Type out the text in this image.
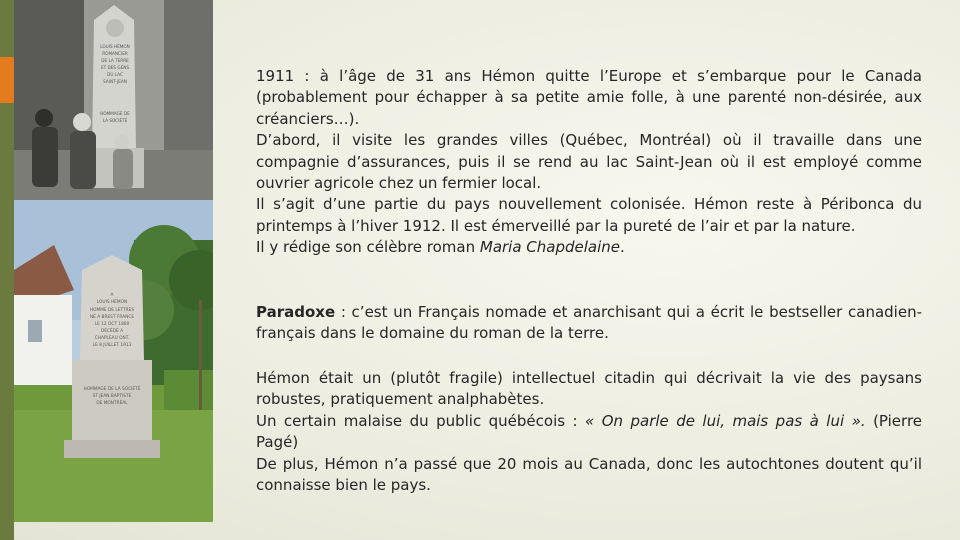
LOUIS HÉMON
ROMANCIER
DE LA TERRE
ET DES GENS
DU LAC
SAINT-JEAN
HOMMAGE DE
LA SOCIÉTÉ
A
LOUIS HÉMON
HOMME DE LETTRES
NÉ A BREST FRANCE
LE 12 OCT 1880
DÉCÉDÉ A
CHAPLEAU ONT.
LE 8 JUILLET 1913
HOMMAGE DE LA SOCIÉTÉ
ST JEAN BAPTISTE
DE MONTRÉAL

1911 : à l’âge de 31 ans Hémon quitte l’Europe et s’embarque pour le Canada (probablement pour échapper à sa petite amie folle, à une parenté non-désirée, aux créanciers…).

D’abord, il visite les grandes villes (Québec, Montréal) où il travaille dans une compagnie d’assurances, puis il se rend au lac Saint-Jean où il est employé comme ouvrier agricole chez un fermier local.

Il s’agit d’une partie du pays nouvellement colonisée. Hémon reste à Péribonca du printemps à l’hiver 1912. Il est émerveillé par la pureté de l’air et par la nature.

Il y rédige son célèbre roman Maria Chapdelaine.

Paradoxe : c’est un Français nomade et anarchisant qui a écrit le bestseller canadien-français dans le domaine du roman de la terre.

Hémon était un (plutôt fragile) intellectuel citadin qui décrivait la vie des paysans robustes, pratiquement analphabètes.

Un certain malaise du public québécois : « On parle de lui, mais pas à lui ». (Pierre Pagé)

De plus, Hémon n’a passé que 20 mois au Canada, donc les autochtones doutent qu’il connaisse bien le pays.
